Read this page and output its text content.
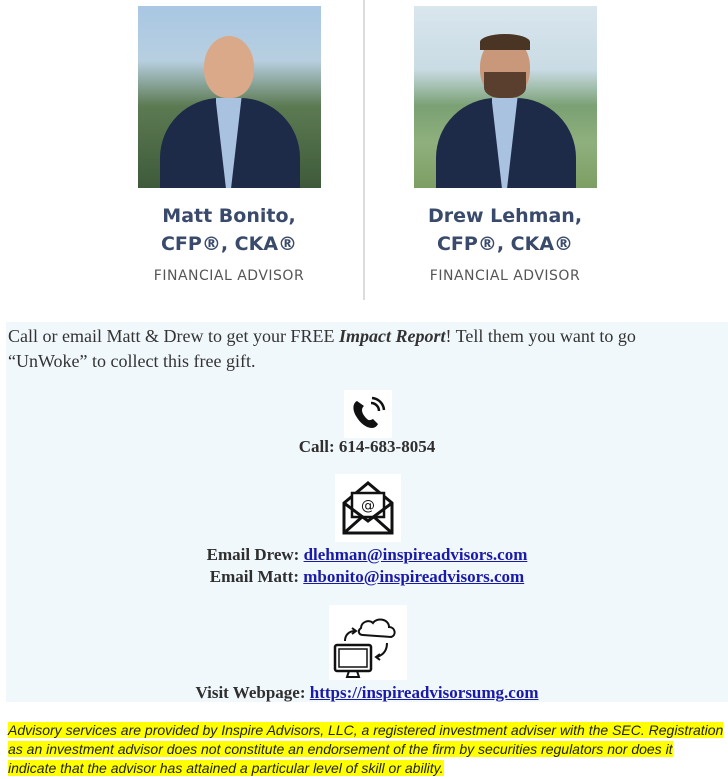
Matt Bonito,
CFP®, CKA®
FINANCIAL ADVISOR
Drew Lehman,
CFP®, CKA®
FINANCIAL ADVISOR
Call or email Matt & Drew to get your FREE Impact Report! Tell them you want to go “UnWoke” to collect this free gift.
Call: 614-683-8054
@
Email Drew: dlehman@inspireadvisors.com
Email Matt: mbonito@inspireadvisors.com
Visit Webpage: https://inspireadvisorsumg.com
Advisory services are provided by Inspire Advisors, LLC, a registered investment adviser with the SEC. Registration as an investment advisor does not constitute an endorsement of the firm by securities regulators nor does it indicate that the advisor has attained a particular level of skill or ability.
